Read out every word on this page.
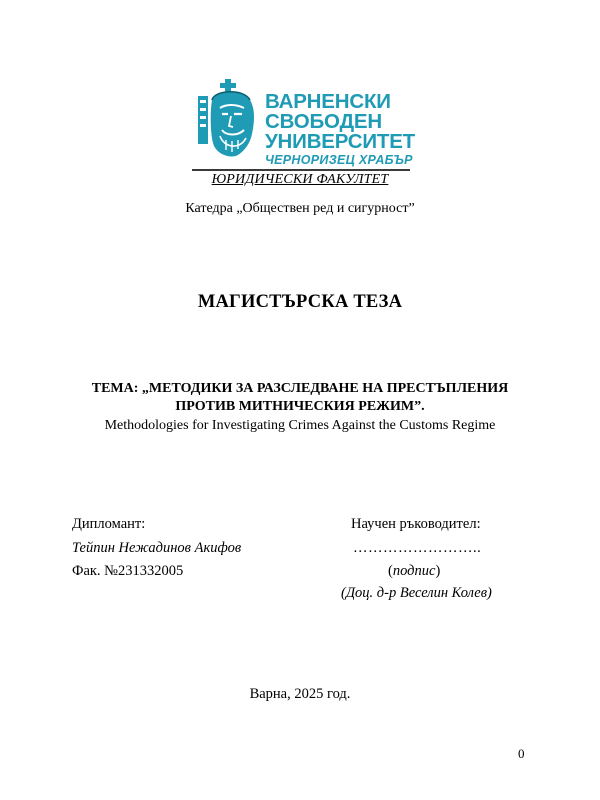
ВАРНЕНСКИ
СВОБОДЕН
УНИВЕРСИТЕТ
ЧЕРНОРИЗЕЦ ХРАБЪР
ЮРИДИЧЕСКИ ФАКУЛТЕТ
Катедра „Обществен ред и сигурност”
МАГИСТЪРСКА ТЕЗА
ТЕМА: „МЕТОДИКИ ЗА РАЗСЛЕДВАНЕ НА ПРЕСТЪПЛЕНИЯ
ПРОТИВ МИТНИЧЕСКИЯ РЕЖИМ”.
Methodologies for Investigating Crimes Against the Customs Regime
Дипломант:
Тейпин Нежадинов Акифов
Фак. №231332005
Научен ръководител:
……………………..
(подпис)
(Доц. д-р Веселин Колев)
Варна, 2025 год.
0
